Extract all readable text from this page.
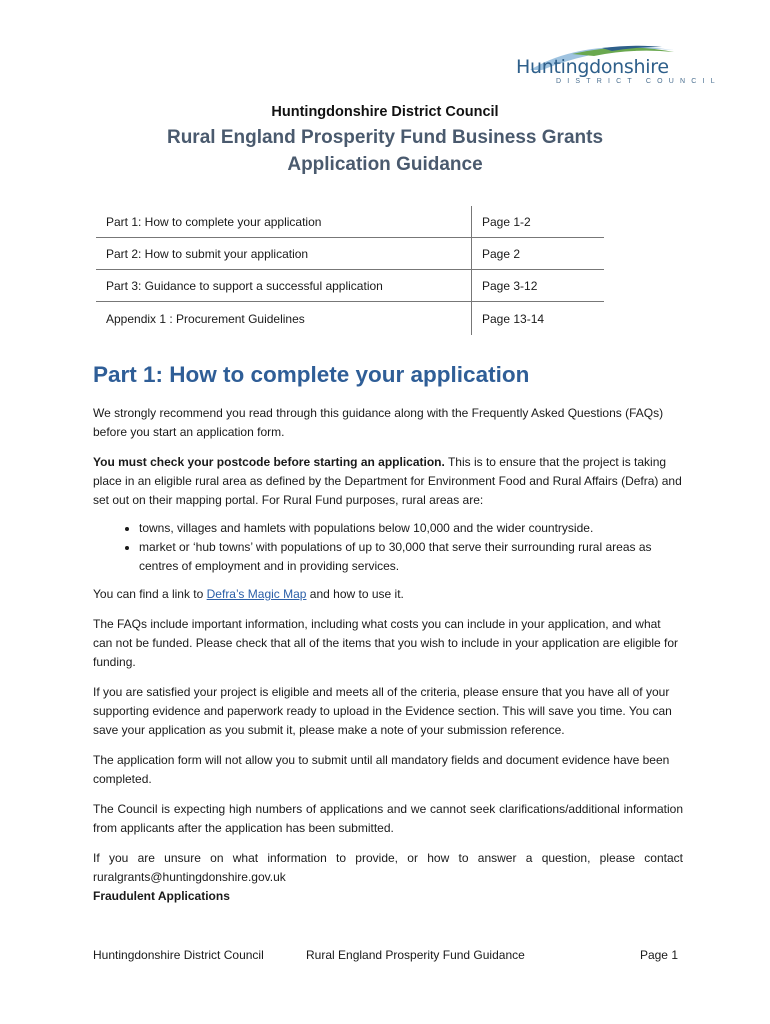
Huntingdonshire
DISTRICT COUNCIL
Huntingdonshire District Council
Rural England Prosperity Fund Business Grants
Application Guidance
Part 1: How to complete your application	Page 1-2
Part 2: How to submit your application	Page 2
Part 3: Guidance to support a successful application	Page 3-12
Appendix 1 : Procurement Guidelines	Page 13-14
Part 1: How to complete your application

We strongly recommend you read through this guidance along with the Frequently Asked Questions (FAQs) before you start an application form.

You must check your postcode before starting an application. This is to ensure that the project is taking place in an eligible rural area as defined by the Department for Environment Food and Rural Affairs (Defra) and set out on their mapping portal. For Rural Fund purposes, rural areas are:

• towns, villages and hamlets with populations below 10,000 and the wider countryside.
• market or ‘hub towns’ with populations of up to 30,000 that serve their surrounding rural areas as centres of employment and in providing services.

You can find a link to Defra’s Magic Map and how to use it.

The FAQs include important information, including what costs you can include in your application, and what can not be funded. Please check that all of the items that you wish to include in your application are eligible for funding.

If you are satisfied your project is eligible and meets all of the criteria, please ensure that you have all of your supporting evidence and paperwork ready to upload in the Evidence section. This will save you time. You can save your application as you submit it, please make a note of your submission reference.

The application form will not allow you to submit until all mandatory fields and document evidence have been completed.

The Council is expecting high numbers of applications and we cannot seek clarifications/additional information from applicants after the application has been submitted.

If you are unsure on what information to provide, or how to answer a question, please contact ruralgrants@huntingdonshire.gov.uk

Fraudulent Applications

Huntingdonshire District Council	Rural England Prosperity Fund Guidance	Page 1
